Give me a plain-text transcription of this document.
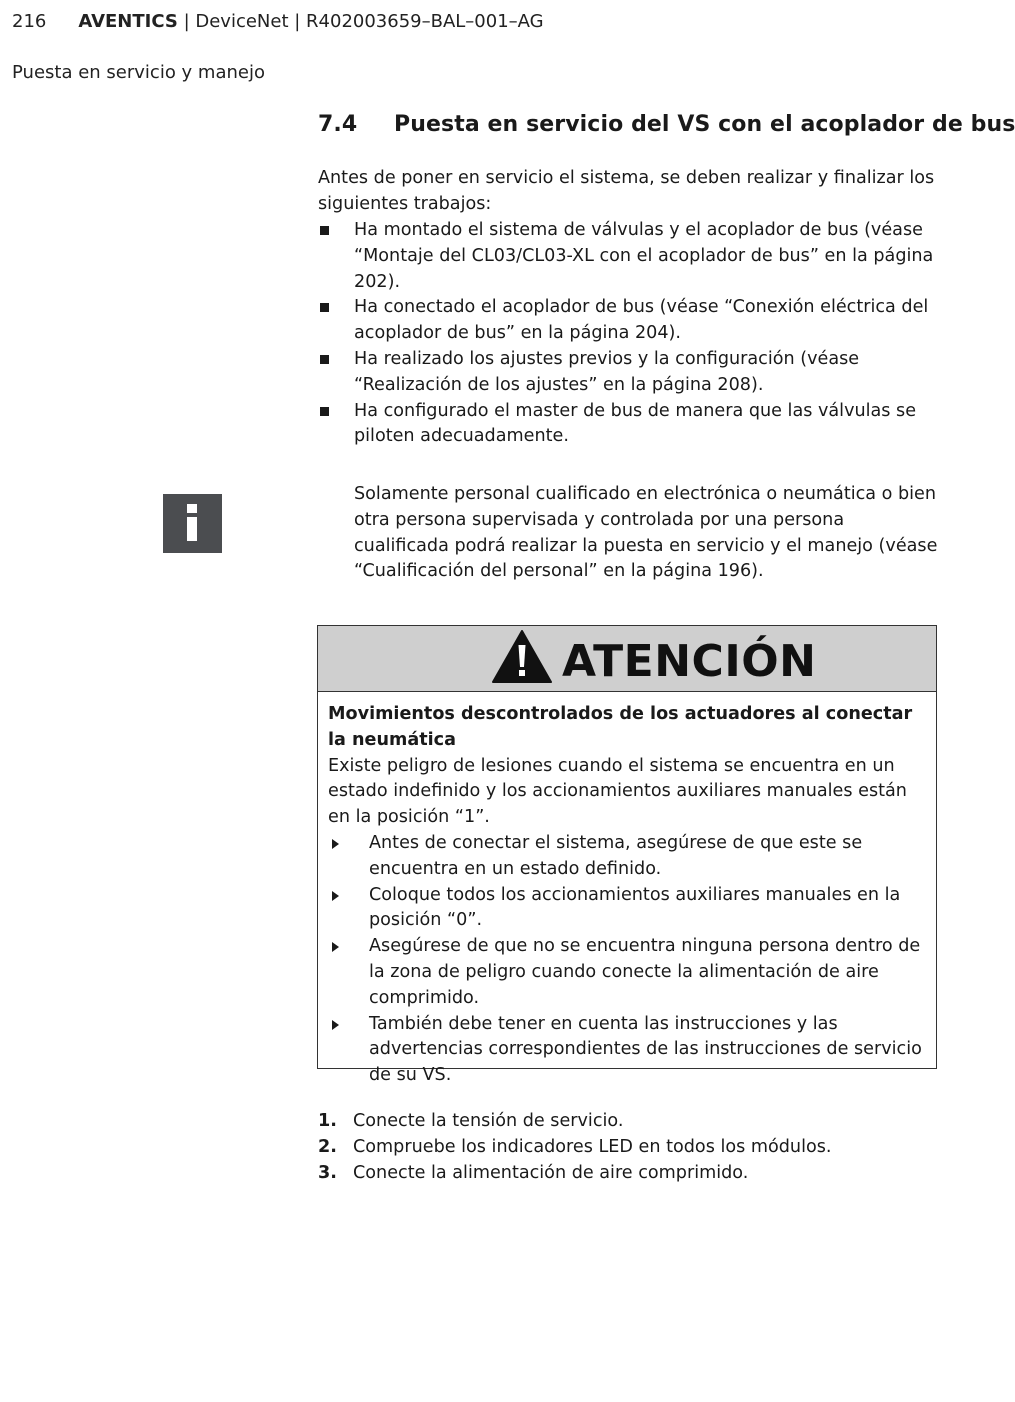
216 AVENTICS | DeviceNet | R402003659–BAL–001–AG
Puesta en servicio y manejo
7.4 Puesta en servicio del VS con el acoplador de bus
Antes de poner en servicio el sistema, se deben realizar y finalizar los siguientes trabajos:
Ha montado el sistema de válvulas y el acoplador de bus (véase “Montaje del CL03/CL03-XL con el acoplador de bus” en la página 202).
Ha conectado el acoplador de bus (véase “Conexión eléctrica del acoplador de bus” en la página 204).
Ha realizado los ajustes previos y la configuración (véase “Realización de los ajustes” en la página 208).
Ha configurado el master de bus de manera que las válvulas se piloten adecuadamente.
Solamente personal cualificado en electrónica o neumática o bien otra persona supervisada y controlada por una persona cualificada podrá realizar la puesta en servicio y el manejo (véase “Cualificación del personal” en la página 196).
ATENCIÓN
Movimientos descontrolados de los actuadores al conectar la neumática
Existe peligro de lesiones cuando el sistema se encuentra en un estado indefinido y los accionamientos auxiliares manuales están en la posición “1”.
Antes de conectar el sistema, asegúrese de que este se encuentra en un estado definido.
Coloque todos los accionamientos auxiliares manuales en la posición “0”.
Asegúrese de que no se encuentra ninguna persona dentro de la zona de peligro cuando conecte la alimentación de aire comprimido.
También debe tener en cuenta las instrucciones y las advertencias correspondientes de las instrucciones de servicio de su VS.
1. Conecte la tensión de servicio.
2. Compruebe los indicadores LED en todos los módulos.
3. Conecte la alimentación de aire comprimido.
